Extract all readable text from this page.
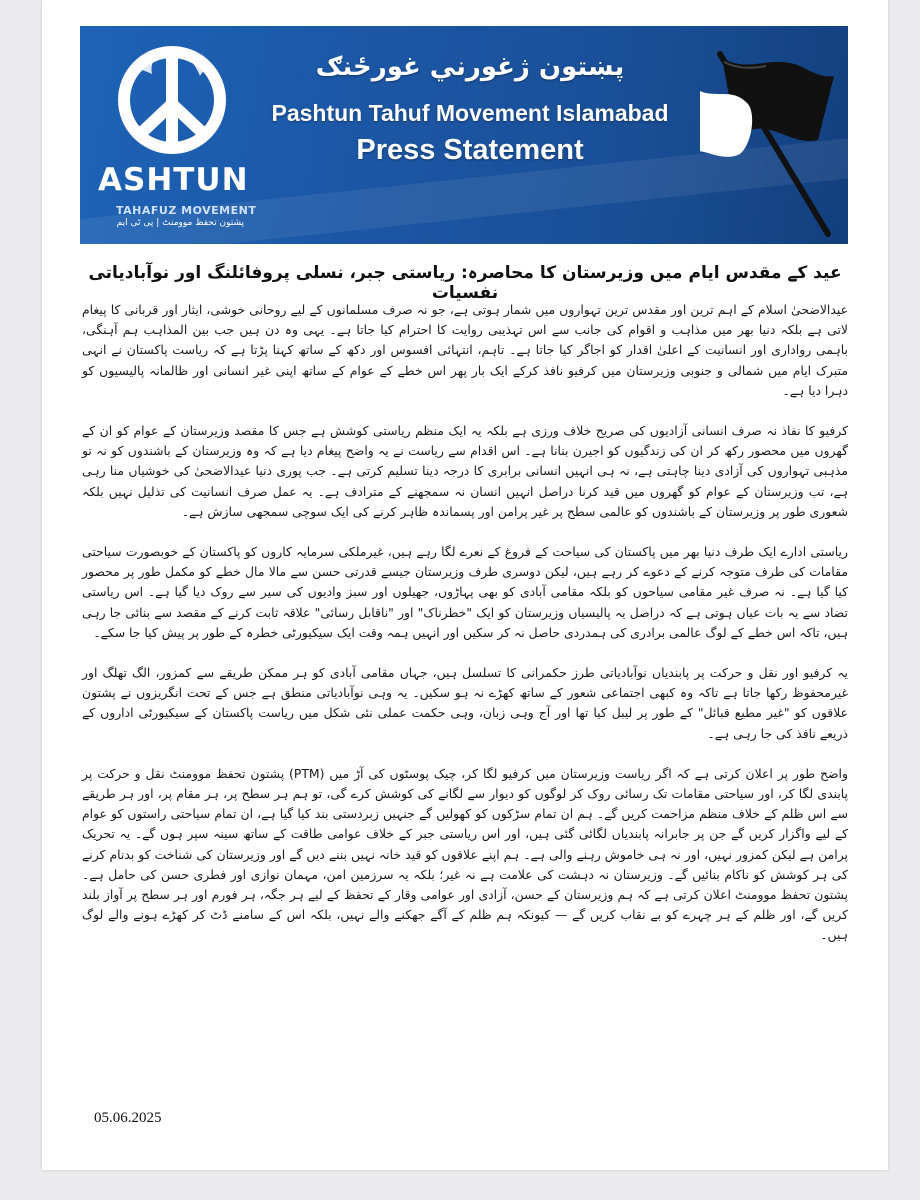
ASHTUN
TAHAFUZ MOVEMENT
پشتون تحفظ موومنٹ | پی ٹی ایم
پښتون ژغورني غورځنګ
Pashtun Tahuf Movement Islamabad
Press Statement
عید کے مقدس ایام میں وزیرستان کا محاصرہ: ریاستی جبر، نسلی پروفائلنگ اور نوآبادیاتی نفسیات

عیدالاضحیٰ اسلام کے اہم ترین اور مقدس ترین تہواروں میں شمار ہوتی ہے، جو نہ صرف مسلمانوں کے لیے روحانی خوشی، ایثار اور قربانی کا پیغام لاتی ہے بلکہ دنیا بھر میں مذاہب و اقوام کی جانب سے اس تہذیبی روایت کا احترام کیا جاتا ہے۔ یہی وہ دن ہیں جب بین المذاہب ہم آہنگی، باہمی رواداری اور انسانیت کے اعلیٰ اقدار کو اجاگر کیا جاتا ہے۔ تاہم، انتہائی افسوس اور دکھ کے ساتھ کہنا پڑتا ہے کہ ریاست پاکستان نے انہی متبرک ایام میں شمالی و جنوبی وزیرستان میں کرفیو نافذ کرکے ایک بار پھر اس خطے کے عوام کے ساتھ اپنی غیر انسانی اور ظالمانہ پالیسیوں کو دہرا دیا ہے۔

کرفیو کا نفاذ نہ صرف انسانی آزادیوں کی صریح خلاف ورزی ہے بلکہ یہ ایک منظم ریاستی کوشش ہے جس کا مقصد وزیرستان کے عوام کو ان کے گھروں میں محصور رکھ کر ان کی زندگیوں کو اجیرن بنانا ہے۔ اس اقدام سے ریاست نے یہ واضح پیغام دیا ہے کہ وہ وزیرستان کے باشندوں کو نہ تو مذہبی تہواروں کی آزادی دینا چاہتی ہے، نہ ہی انہیں انسانی برابری کا درجہ دینا تسلیم کرتی ہے۔ جب پوری دنیا عیدالاضحیٰ کی خوشیاں منا رہی ہے، تب وزیرستان کے عوام کو گھروں میں قید کرنا دراصل انہیں انسان نہ سمجھنے کے مترادف ہے۔ یہ عمل صرف انسانیت کی تذلیل نہیں بلکہ شعوری طور پر وزیرستان کے باشندوں کو عالمی سطح پر غیر پرامن اور پسماندہ ظاہر کرنے کی ایک سوچی سمجھی سازش ہے۔

ریاستی ادارے ایک طرف دنیا بھر میں پاکستان کی سیاحت کے فروغ کے نعرے لگا رہے ہیں، غیرملکی سرمایہ کاروں کو پاکستان کے خوبصورت سیاحتی مقامات کی طرف متوجہ کرنے کے دعوے کر رہے ہیں، لیکن دوسری طرف وزیرستان جیسے قدرتی حسن سے مالا مال خطے کو مکمل طور پر محصور کیا گیا ہے۔ نہ صرف غیر مقامی سیاحوں کو بلکہ مقامی آبادی کو بھی پہاڑوں، جھیلوں اور سبز وادیوں کی سیر سے روک دیا گیا ہے۔ اس ریاستی تضاد سے یہ بات عیاں ہوتی ہے کہ دراصل یہ پالیسیاں وزیرستان کو ایک "خطرناک" اور "ناقابل رسائی" علاقہ ثابت کرنے کے مقصد سے بنائی جا رہی ہیں، تاکہ اس خطے کے لوگ عالمی برادری کی ہمدردی حاصل نہ کر سکیں اور انہیں ہمہ وقت ایک سیکیورٹی خطرہ کے طور پر پیش کیا جا سکے۔

یہ کرفیو اور نقل و حرکت پر پابندیاں نوآبادیاتی طرز حکمرانی کا تسلسل ہیں، جہاں مقامی آبادی کو ہر ممکن طریقے سے کمزور، الگ تھلگ اور غیرمحفوظ رکھا جاتا ہے تاکہ وہ کبھی اجتماعی شعور کے ساتھ کھڑے نہ ہو سکیں۔ یہ وہی نوآبادیاتی منطق ہے جس کے تحت انگریزوں نے پشتون علاقوں کو "غیر مطیع قبائل" کے طور پر لیبل کیا تھا اور آج وہی زبان، وہی حکمت عملی نئی شکل میں ریاست پاکستان کے سیکیورٹی اداروں کے ذریعے نافذ کی جا رہی ہے۔

واضح طور پر اعلان کرتی ہے کہ اگر ریاست وزیرستان میں کرفیو لگا کر، چیک پوسٹوں کی آڑ میں (PTM) پشتون تحفظ موومنٹ نقل و حرکت پر پابندی لگا کر، اور سیاحتی مقامات تک رسائی روک کر لوگوں کو دیوار سے لگانے کی کوشش کرے گی، تو ہم ہر سطح پر، ہر مقام پر، اور ہر طریقے سے اس ظلم کے خلاف منظم مزاحمت کریں گے۔ ہم ان تمام سڑکوں کو کھولیں گے جنہیں زبردستی بند کیا گیا ہے، ان تمام سیاحتی راستوں کو عوام کے لیے واگزار کریں گے جن پر جابرانہ پابندیاں لگائی گئی ہیں، اور اس ریاستی جبر کے خلاف عوامی طاقت کے ساتھ سینہ سپر ہوں گے۔ یہ تحریک پرامن ہے لیکن کمزور نہیں، اور نہ ہی خاموش رہنے والی ہے۔ ہم اپنے علاقوں کو قید خانہ نہیں بننے دیں گے اور وزیرستان کی شناخت کو بدنام کرنے کی ہر کوشش کو ناکام بنائیں گے۔ وزیرستان نہ دہشت کی علامت ہے نہ غیر؛ بلکہ یہ سرزمین امن، مہمان نوازی اور فطری حسن کی حامل ہے۔ پشتون تحفظ موومنٹ اعلان کرتی ہے کہ ہم وزیرستان کے حسن، آزادی اور عوامی وقار کے تحفظ کے لیے ہر جگہ، ہر فورم اور ہر سطح پر آواز بلند کریں گے، اور ظلم کے ہر چہرے کو بے نقاب کریں گے — کیونکہ ہم ظلم کے آگے جھکنے والے نہیں، بلکہ اس کے سامنے ڈٹ کر کھڑے ہونے والے لوگ ہیں۔

05.06.2025
